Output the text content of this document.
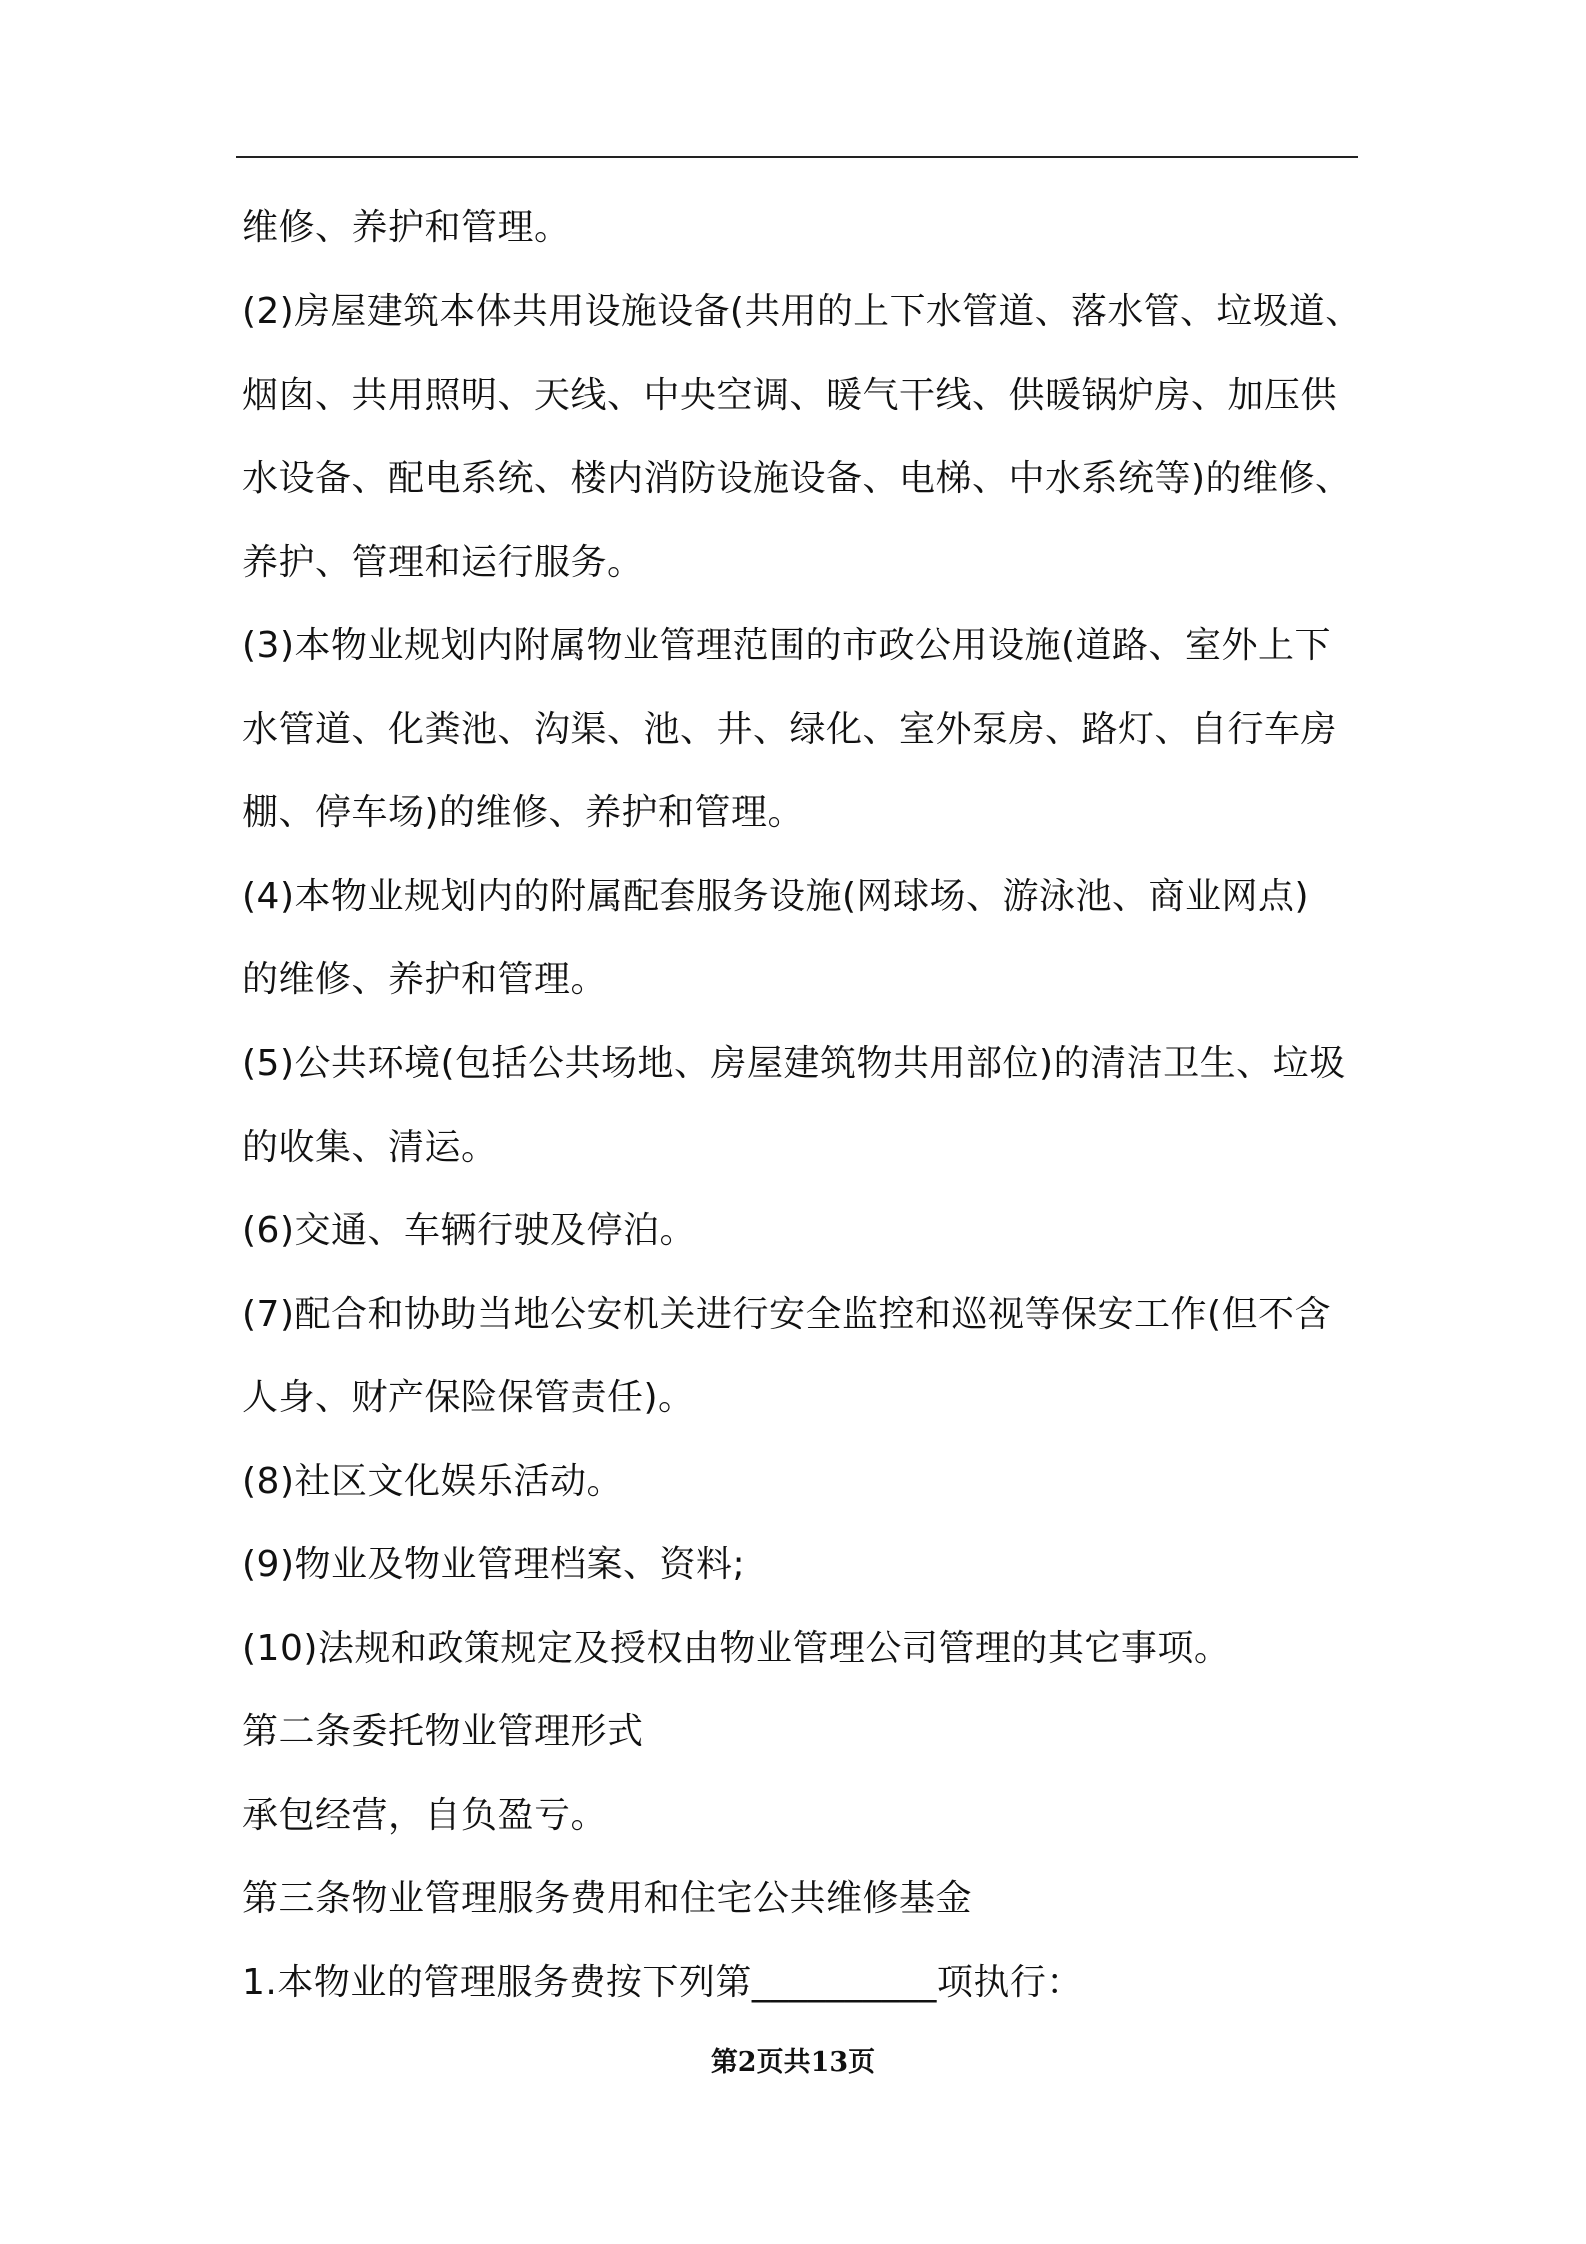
维修、养护和管理。
(2)房屋建筑本体共用设施设备(共用的上下水管道、落水管、垃圾道、
烟囱、共用照明、天线、中央空调、暖气干线、供暖锅炉房、加压供
水设备、配电系统、楼内消防设施设备、电梯、中水系统等)的维修、
养护、管理和运行服务。
(3)本物业规划内附属物业管理范围的市政公用设施(道路、室外上下
水管道、化粪池、沟渠、池、井、绿化、室外泵房、路灯、自行车房
棚、停车场)的维修、养护和管理。
(4)本物业规划内的附属配套服务设施(网球场、游泳池、商业网点)
的维修、养护和管理。
(5)公共环境(包括公共场地、房屋建筑物共用部位)的清洁卫生、垃圾
的收集、清运。
(6)交通、车辆行驶及停泊。
(7)配合和协助当地公安机关进行安全监控和巡视等保安工作(但不含
人身、财产保险保管责任)。
(8)社区文化娱乐活动。
(9)物业及物业管理档案、资料;
(10)法规和政策规定及授权由物业管理公司管理的其它事项。
第二条委托物业管理形式
承包经营，自负盈亏。
第三条物业管理服务费用和住宅公共维修基金
1.本物业的管理服务费按下列第__________项执行：
第2页共13页
